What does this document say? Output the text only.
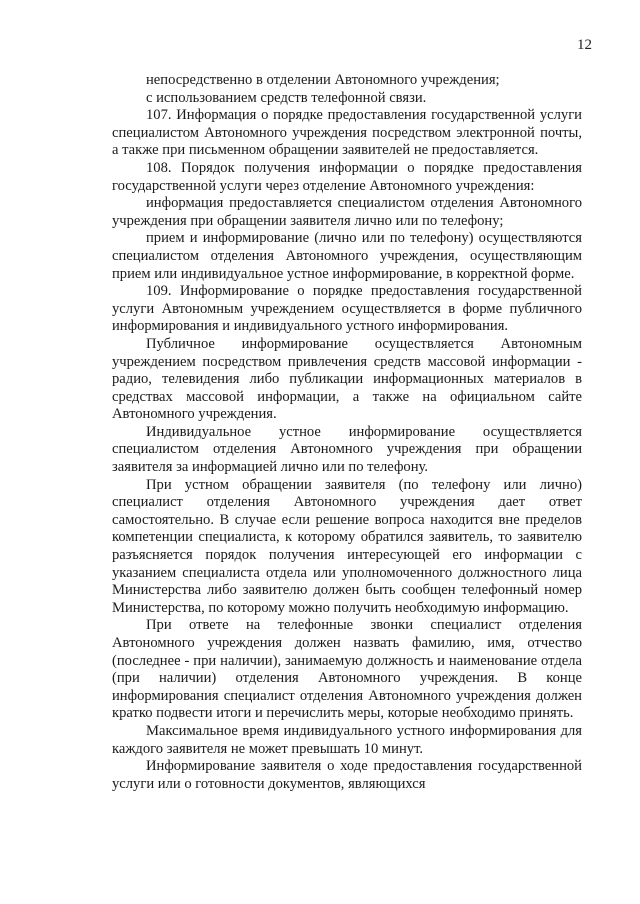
12

непосредственно в отделении Автономного учреждения;

с использованием средств телефонной связи.

107. Информация о порядке предоставления государственной услуги специалистом Автономного учреждения посредством электронной почты, а также при письменном обращении заявителей не предоставляется.

108. Порядок получения информации о порядке предоставления государственной услуги через отделение Автономного учреждения:

информация предоставляется специалистом отделения Автономного учреждения при обращении заявителя лично или по телефону;

прием и информирование (лично или по телефону) осуществляются специалистом отделения Автономного учреждения, осуществляющим прием или индивидуальное устное информирование, в корректной форме.

109. Информирование о порядке предоставления государственной услуги Автономным учреждением осуществляется в форме публичного информирования и индивидуального устного информирования.

Публичное информирование осуществляется Автономным учреждением посредством привлечения средств массовой информации - радио, телевидения либо публикации информационных материалов в средствах массовой информации, а также на официальном сайте Автономного учреждения.

Индивидуальное устное информирование осуществляется специалистом отделения Автономного учреждения при обращении заявителя за информацией лично или по телефону.

При устном обращении заявителя (по телефону или лично) специалист отделения Автономного учреждения дает ответ самостоятельно. В случае если решение вопроса находится вне пределов компетенции специалиста, к которому обратился заявитель, то заявителю разъясняется порядок получения интересующей его информации с указанием специалиста отдела или уполномоченного должностного лица Министерства либо заявителю должен быть сообщен телефонный номер Министерства, по которому можно получить необходимую информацию.

При ответе на телефонные звонки специалист отделения Автономного учреждения должен назвать фамилию, имя, отчество (последнее - при наличии), занимаемую должность и наименование отдела (при наличии) отделения Автономного учреждения. В конце информирования специалист отделения Автономного учреждения должен кратко подвести итоги и перечислить меры, которые необходимо принять.

Максимальное время индивидуального устного информирования для каждого заявителя не может превышать 10 минут.

Информирование заявителя о ходе предоставления государственной услуги или о готовности документов, являющихся
